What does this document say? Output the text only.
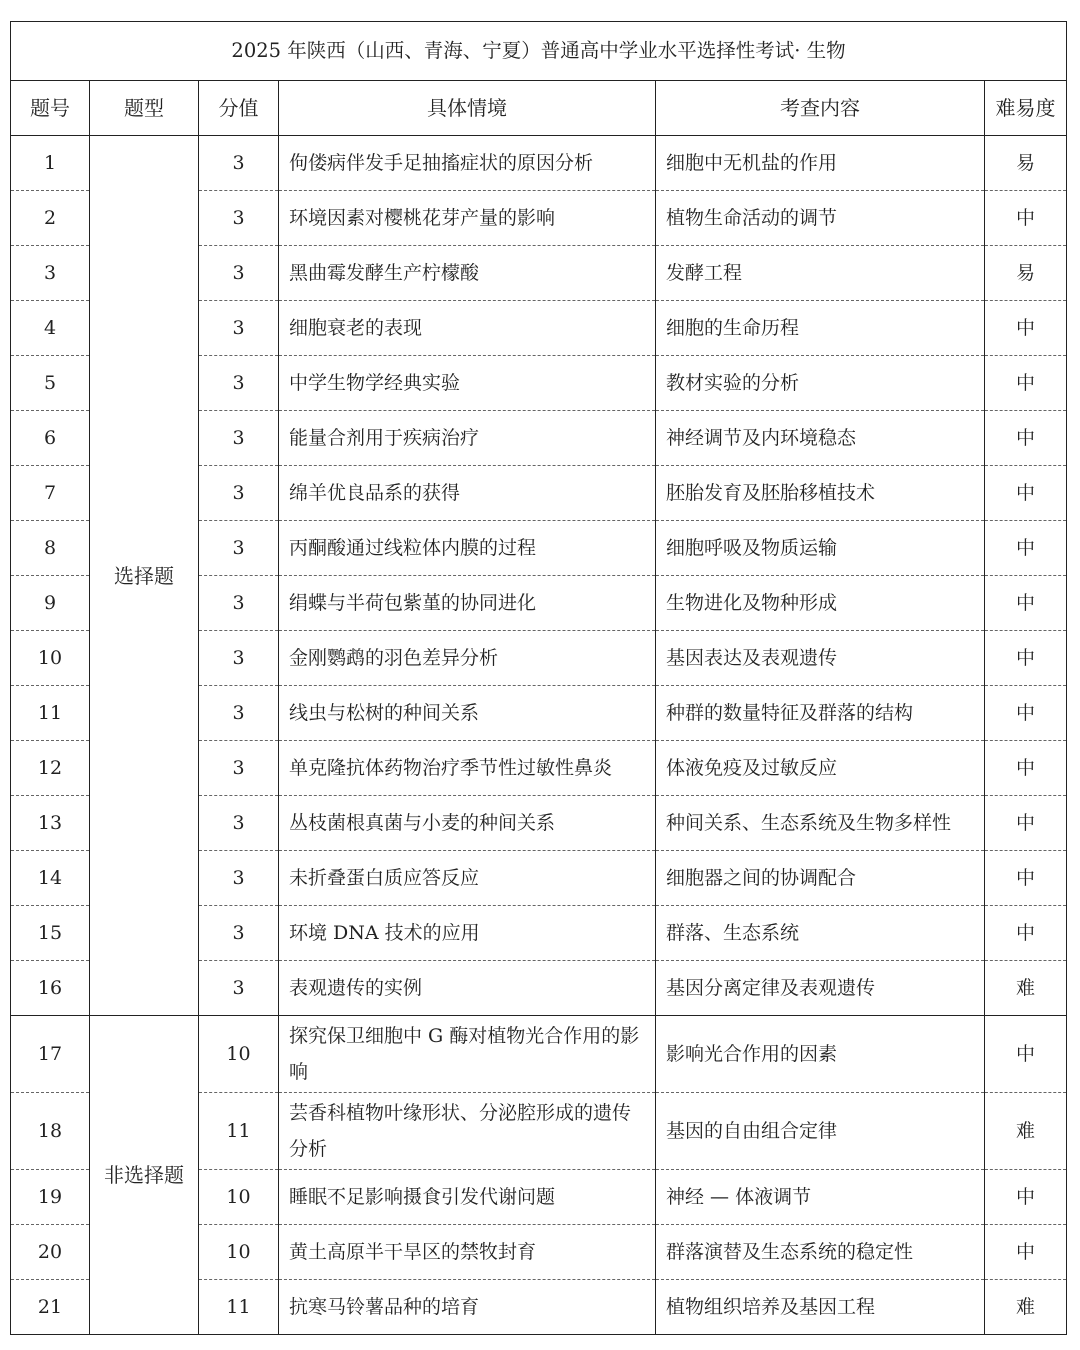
2025 年陕西（山西、青海、宁夏）普通高中学业水平选择性考试· 生物					
题号	题型	分值	具体情境	考查内容	难易度
1	选择题	3	佝偻病伴发手足抽搐症状的原因分析	细胞中无机盐的作用	易
2		3	环境因素对樱桃花芽产量的影响	植物生命活动的调节	中
3		3	黑曲霉发酵生产柠檬酸	发酵工程	易
4		3	细胞衰老的表现	细胞的生命历程	中
5		3	中学生物学经典实验	教材实验的分析	中
6		3	能量合剂用于疾病治疗	神经调节及内环境稳态	中
7		3	绵羊优良品系的获得	胚胎发育及胚胎移植技术	中
8		3	丙酮酸通过线粒体内膜的过程	细胞呼吸及物质运输	中
9		3	绢蝶与半荷包紫堇的协同进化	生物进化及物种形成	中
10		3	金刚鹦鹉的羽色差异分析	基因表达及表观遗传	中
11		3	线虫与松树的种间关系	种群的数量特征及群落的结构	中
12		3	单克隆抗体药物治疗季节性过敏性鼻炎	体液免疫及过敏反应	中
13		3	丛枝菌根真菌与小麦的种间关系	种间关系、生态系统及生物多样性	中
14		3	未折叠蛋白质应答反应	细胞器之间的协调配合	中
15		3	环境 DNA 技术的应用	群落、生态系统	中
16		3	表观遗传的实例	基因分离定律及表观遗传	难
17	非选择题	10	探究保卫细胞中 G 酶对植物光合作用的影响	影响光合作用的因素	中
18		11	芸香科植物叶缘形状、分泌腔形成的遗传分析	基因的自由组合定律	难
19		10	睡眠不足影响摄食引发代谢问题	神经 — 体液调节	中
20		10	黄土高原半干旱区的禁牧封育	群落演替及生态系统的稳定性	中
21		11	抗寒马铃薯品种的培育	植物组织培养及基因工程	难
